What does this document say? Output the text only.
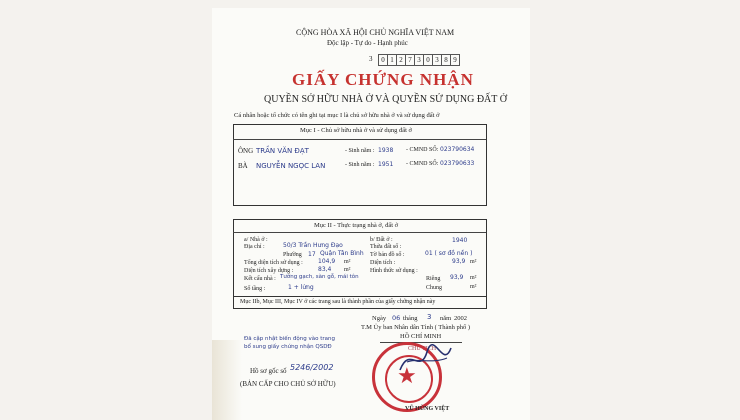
CỘNG HÒA XÃ HỘI CHỦ NGHĨA VIỆT NAM
Độc lập - Tự do - Hạnh phúc
3	0 1 2 7 3 0 3 8 9
GIẤY CHỨNG NHẬN
QUYỀN SỞ HỮU NHÀ Ở VÀ QUYỀN SỬ DỤNG ĐẤT Ở
Cá nhân hoặc tổ chức có tên ghi tại mục I là chủ sở hữu nhà ở và sử dụng đất ở
Mục I - Chủ sở hữu nhà ở và sử dụng đất ở
ÔNG TRẦN VĂN ĐẠT	- Sinh năm : 1938 - CMND SỐ: 023790634
BÀ NGUYỄN NGỌC LAN	- Sinh năm : 1951 - CMND SỐ: 023790633
Mục II - Thực trạng nhà ở, đất ở
a/ Nhà ở :
Địa chỉ :	50/3 Trần Hưng Đạo
Phường 17 Quận Tân Bình
Tổng diện tích sử dụng :	104,9 m²
Diện tích xây dựng :	83,4 m²
Kết cấu nhà : Tường gạch, sàn gỗ, mái tôn
Số tầng :	1 + lửng
b/ Đất ở :	1940
Thửa đất số :
Tờ bản đồ số :	01 ( sơ đồ nền )
Diện tích :	93,9 m²
Hình thức sử dụng :
Riêng 93,9 m²
Chung	m²
Mục IIb, Mục III, Mục IV ở các trang sau là thành phần của giấy chứng nhận này
Ngày 06 tháng 3 năm 2002
T.M Ủy ban Nhân dân Tỉnh ( Thành phố )
HỒ CHÍ MINH
CHỦ TỊCH
Đã cập nhật biến động vào trang
bổ sung giấy chứng nhận QSDĐ
Hồ sơ gốc số 5246/2002
(BẢN CẤP CHO CHỦ SỞ HỮU)	★
VŨ HÙNG VIỆT
